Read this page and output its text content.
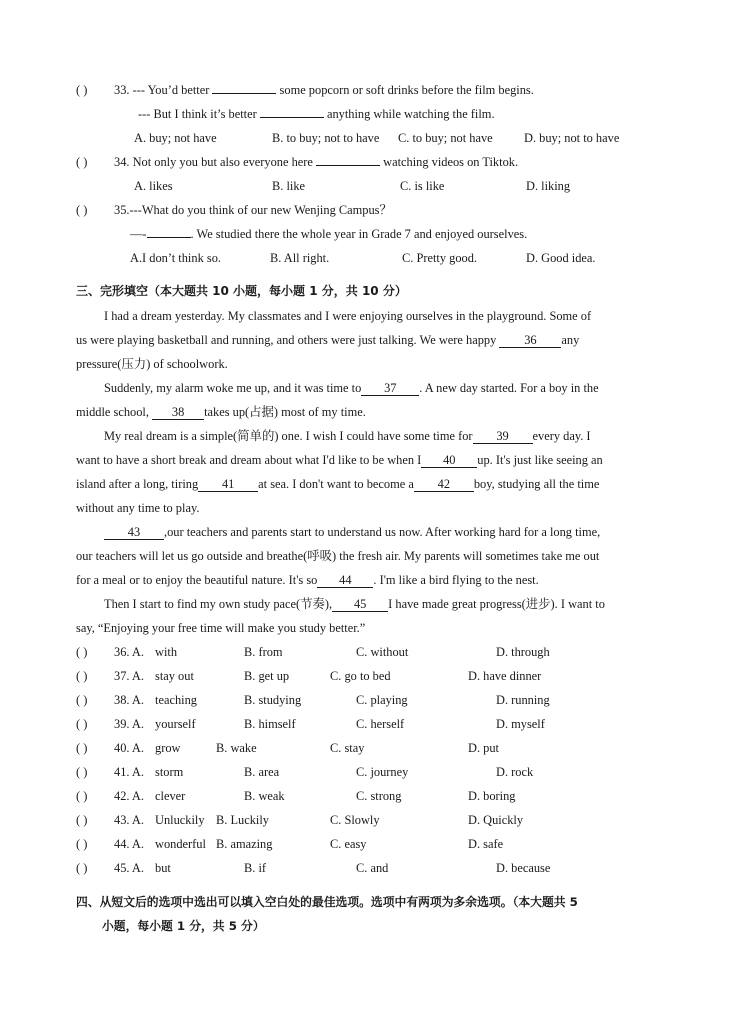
( ) 33. --- You’d better	some popcorn or soft drinks before the film begins.
--- But I think it’s better	anything while watching the film.
A. buy; not have	B. to buy; not to have C. to buy; not have	D. buy; not to have
( ) 34. Not only you but also everyone here	watching videos on Tiktok.
A. likes	B. like	C. is like	D. liking
( ) 35.---What do you think of our new Wenjing Campus？
—-	. We studied there the whole year in Grade 7 and enjoyed ourselves.
A.I don’t think so.	B. All right.	C. Pretty good.	D. Good idea.
三、完形填空（本大题共 10 小题，每小题 1 分，共 10 分）
I had a dream yesterday. My classmates and I were enjoying ourselves in the playground. Some of
us were playing basketball and running, and others were just talking. We were happy 36 any
pressure(压力) of schoolwork.
Suddenly, my alarm woke me up, and it was time to 37 . A new day started. For a boy in the
middle school, 38 takes up(占据) most of my time.
My real dream is a simple(简单的) one. I wish I could have some time for 39 every day. I
want to have a short break and dream about what I'd like to be when I 40 up. It's just like seeing an
island after a long, tiring 41 at sea. I don't want to become a 42 boy, studying all the time
without any time to play.
43 ,our teachers and parents start to understand us now. After working hard for a long time,
our teachers will let us go outside and breathe(呼吸) the fresh air. My parents will sometimes take me out
for a meal or to enjoy the beautiful nature. It's so 44 . I'm like a bird flying to the nest.
Then I start to find my own study pace(节奏), 45 I have made great progress(进步). I want to
say, “Enjoying your free time will make you study better.”
( ) 36. A. with	B. from	C. without	D. through
( ) 37. A. stay out	B. get up	C. go to bed	D. have dinner
( ) 38. A. teaching	B. studying	C. playing	D. running
( ) 39. A. yourself	B. himself	C. herself	D. myself
( ) 40. A. grow	B. wake	C. stay	D. put
( ) 41. A. storm	B. area	C. journey	D. rock
( ) 42. A. clever	B. weak	C. strong	D. boring
( ) 43. A. Unluckily B. Luckily	C. Slowly	D. Quickly
( ) 44. A. wonderful B. amazing	C. easy	D. safe
( ) 45. A. but	B. if	C. and	D. because
四、从短文后的选项中选出可以填入空白处的最佳选项。选项中有两项为多余选项。（本大题共 5
小题，每小题 1 分，共 5 分）
